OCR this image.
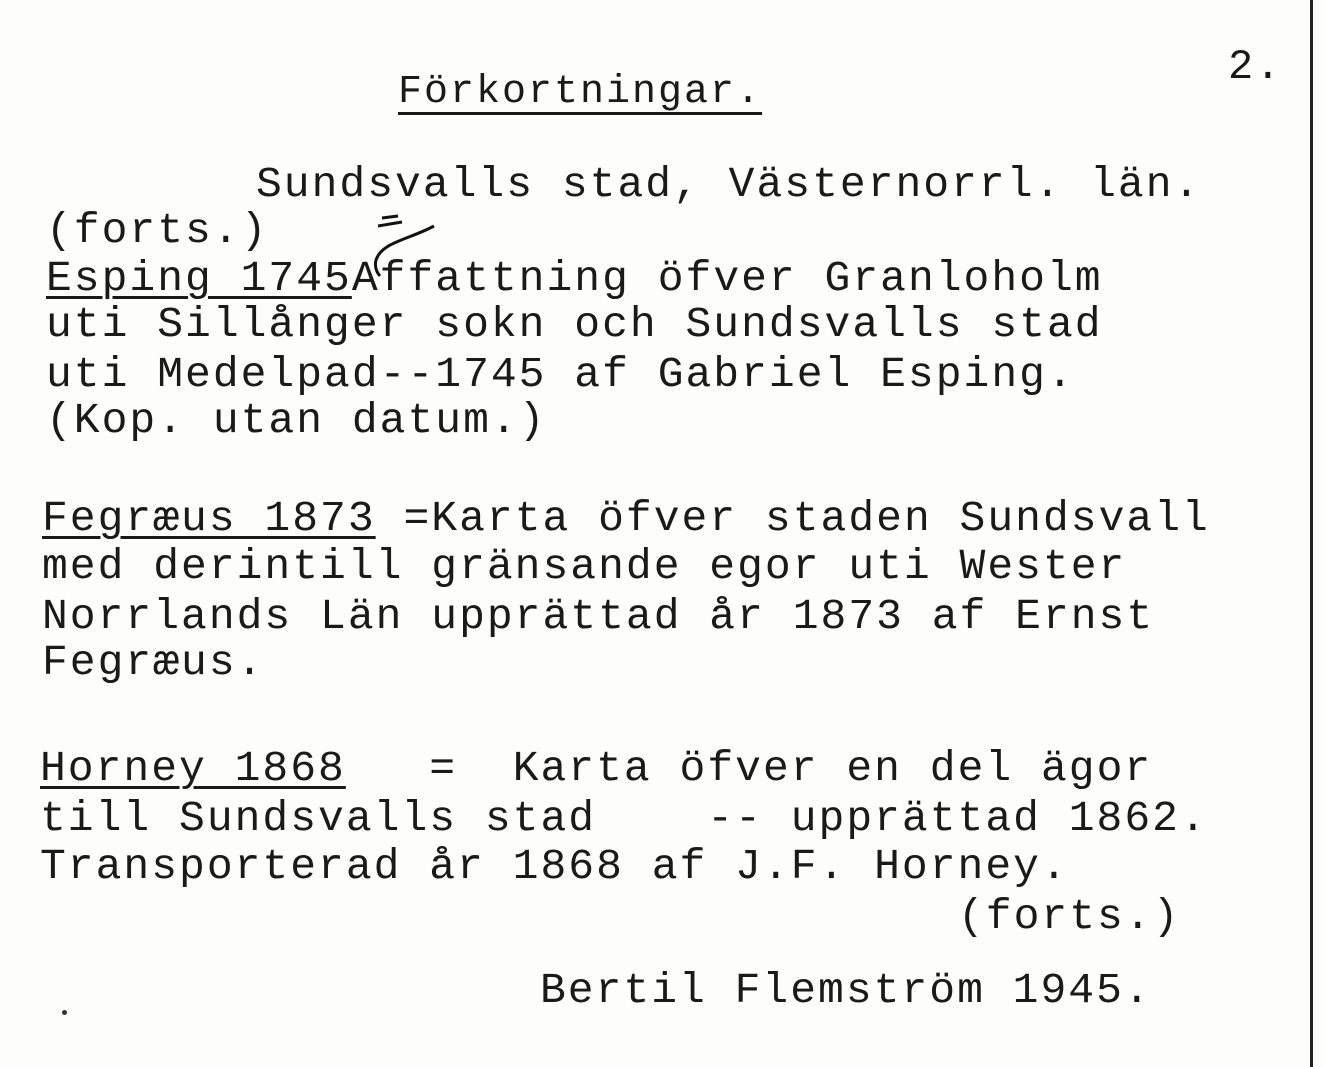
2.
Förkortningar.
Sundsvalls stad, Västernorrl. län.
(forts.)
Esping 1745Affattning öfver Granloholm
uti Sillånger sokn och Sundsvalls stad
uti Medelpad--1745 af Gabriel Esping.
(Kop. utan datum.)
Fegræus 1873 =Karta öfver staden Sundsvall
med derintill gränsande egor uti Wester
Norrlands Län upprättad år 1873 af Ernst
Fegræus.
Horney 1868 = Karta öfver en del ägor
till Sundsvalls stad    -- upprättad 1862.
Transporterad år 1868 af J.F. Horney.
(forts.)
Bertil Flemström 1945.
